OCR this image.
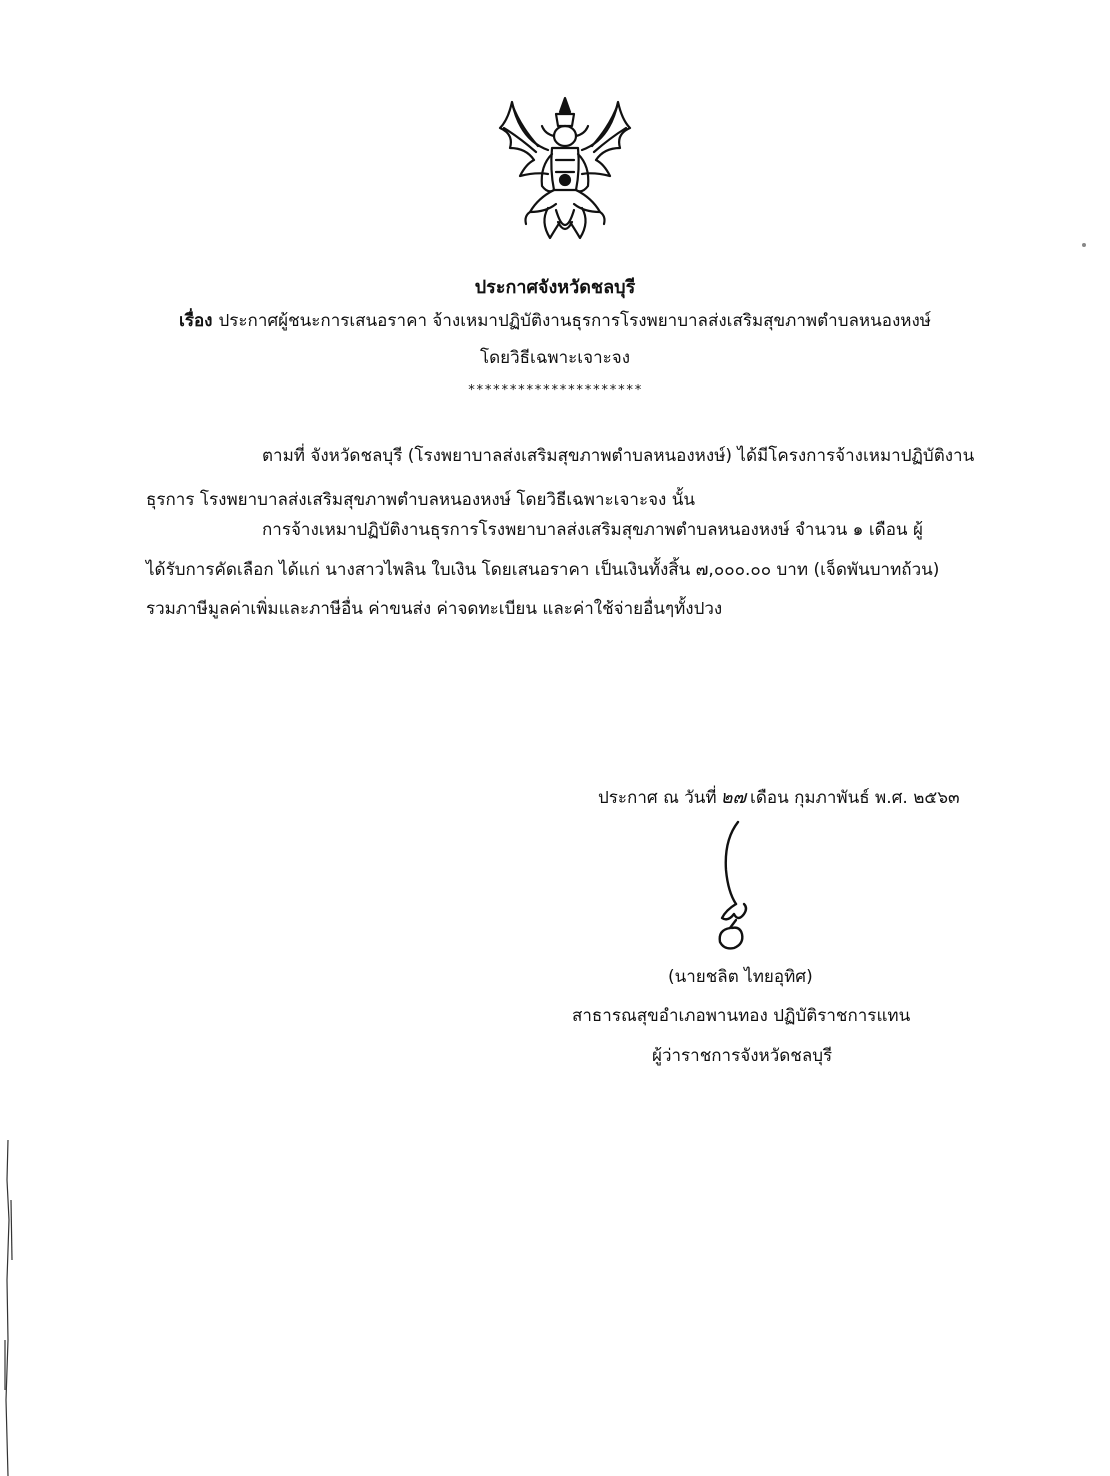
ประกาศจังหวัดชลบุรี
เรื่อง ประกาศผู้ชนะการเสนอราคา จ้างเหมาปฏิบัติงานธุรการโรงพยาบาลส่งเสริมสุขภาพตำบลหนองหงษ์
โดยวิธีเฉพาะเจาะจง
*********************
ตามที่ จังหวัดชลบุรี (โรงพยาบาลส่งเสริมสุขภาพตำบลหนองหงษ์) ได้มีโครงการจ้างเหมาปฏิบัติงาน
ธุรการ โรงพยาบาลส่งเสริมสุขภาพตำบลหนองหงษ์ โดยวิธีเฉพาะเจาะจง นั้น
การจ้างเหมาปฏิบัติงานธุรการโรงพยาบาลส่งเสริมสุขภาพตำบลหนองหงษ์ จำนวน ๑ เดือน ผู้
ได้รับการคัดเลือก ได้แก่ นางสาวไพลิน ใบเงิน โดยเสนอราคา เป็นเงินทั้งสิ้น ๗,๐๐๐.๐๐ บาท (เจ็ดพันบาทถ้วน)
รวมภาษีมูลค่าเพิ่มและภาษีอื่น ค่าขนส่ง ค่าจดทะเบียน และค่าใช้จ่ายอื่นๆทั้งปวง
ประกาศ ณ วันที่ ๒๗ เดือน กุมภาพันธ์ พ.ศ. ๒๕๖๓
(นายชลิต ไทยอุทิศ)
สาธารณสุขอำเภอพานทอง ปฏิบัติราชการแทน
ผู้ว่าราชการจังหวัดชลบุรี
